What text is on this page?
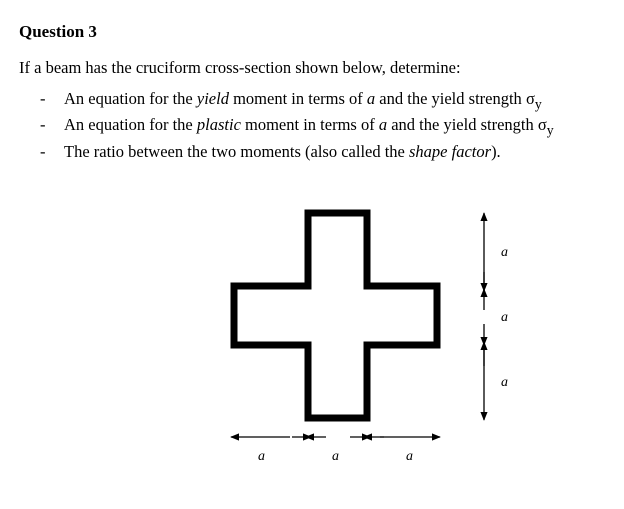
Question 3
If a beam has the cruciform cross-section shown below, determine:
- An equation for the yield moment in terms of a and the yield strength $\sigma_y$
- An equation for the plastic moment in terms of a and the yield strength $\sigma_y$
- The ratio between the two moments (also called the shape factor).
a
a
a
a	a	a
